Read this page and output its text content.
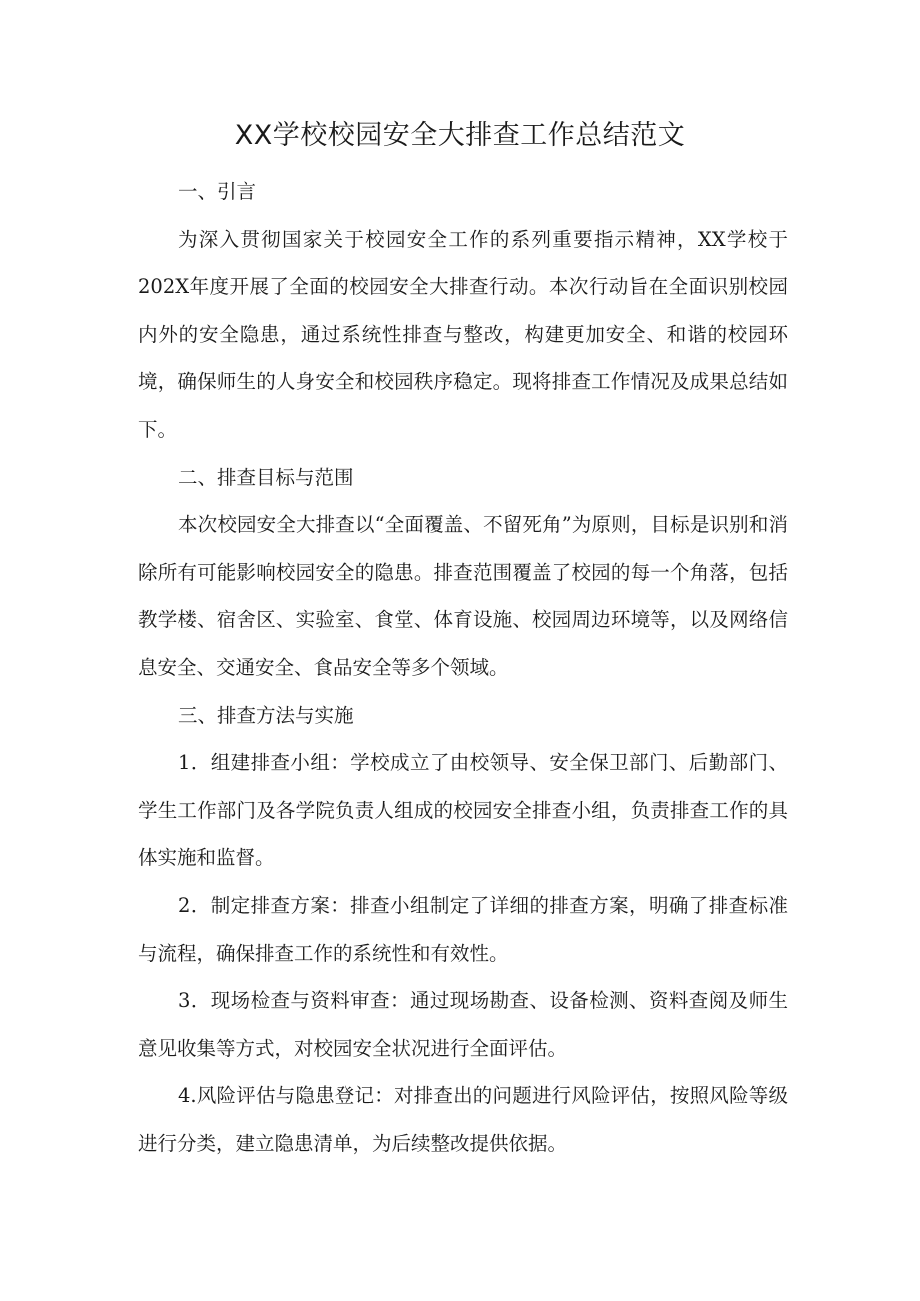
XX学校校园安全大排查工作总结范文

一、引言

为深入贯彻国家关于校园安全工作的系列重要指示精神，XX学校于202X年度开展了全面的校园安全大排查行动。本次行动旨在全面识别校园内外的安全隐患，通过系统性排查与整改，构建更加安全、和谐的校园环境，确保师生的人身安全和校园秩序稳定。现将排查工作情况及成果总结如下。

二、排查目标与范围

本次校园安全大排查以“全面覆盖、不留死角”为原则，目标是识别和消除所有可能影响校园安全的隐患。排查范围覆盖了校园的每一个角落，包括教学楼、宿舍区、实验室、食堂、体育设施、校园周边环境等，以及网络信息安全、交通安全、食品安全等多个领域。

三、排查方法与实施

1．组建排查小组：学校成立了由校领导、安全保卫部门、后勤部门、学生工作部门及各学院负责人组成的校园安全排查小组，负责排查工作的具体实施和监督。

2．制定排查方案：排查小组制定了详细的排查方案，明确了排查标准与流程，确保排查工作的系统性和有效性。

3．现场检查与资料审查：通过现场勘查、设备检测、资料查阅及师生意见收集等方式，对校园安全状况进行全面评估。

4.风险评估与隐患登记：对排查出的问题进行风险评估，按照风险等级进行分类，建立隐患清单，为后续整改提供依据。
